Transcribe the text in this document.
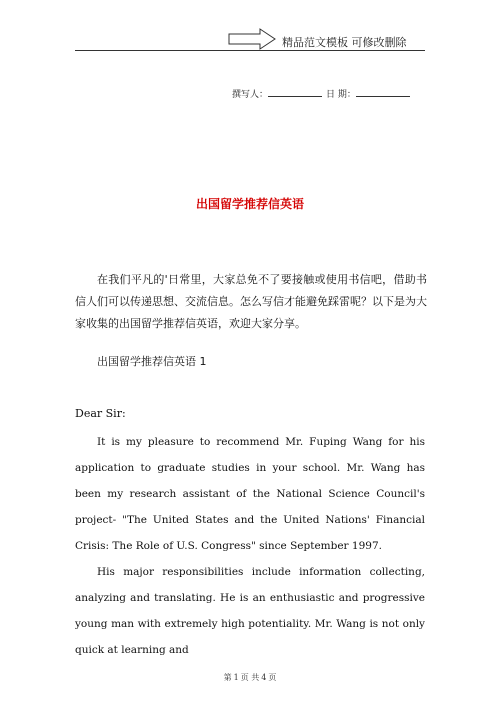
精品范文模板 可修改删除
撰写人：	日 期：
出国留学推荐信英语
在我们平凡的'日常里，大家总免不了要接触或使用书信吧，借助书信人们可以传递思想、交流信息。怎么写信才能避免踩雷呢？以下是为大家收集的出国留学推荐信英语，欢迎大家分享。
出国留学推荐信英语 1
Dear Sir:
It is my pleasure to recommend Mr. Fuping Wang for his application to graduate studies in your school. Mr. Wang has been my research assistant of the National Science Council's project- "The United States and the United Nations' Financial Crisis: The Role of U.S. Congress" since September 1997.
His major responsibilities include information collecting, analyzing and translating. He is an enthusiastic and progressive young man with extremely high potentiality. Mr. Wang is not only quick at learning and
第 1 页 共 4 页
